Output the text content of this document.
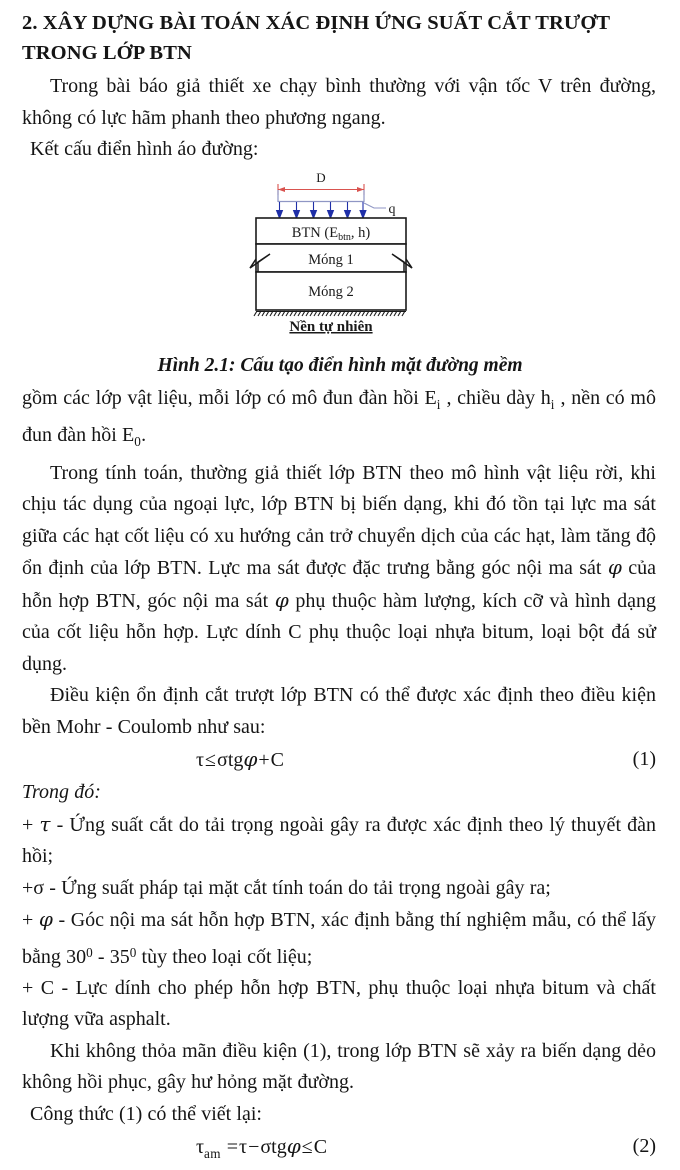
2. XÂY DỰNG BÀI TOÁN XÁC ĐỊNH ỨNG SUẤT CẮT TRƯỢT
TRONG LỚP BTN

Trong bài báo giả thiết xe chạy bình thường với vận tốc V trên đường, không có lực hãm phanh theo phương ngang.

Kết cấu điển hình áo đường:

D
q
BTN ($E_{btn}$, h)
Móng 1
Móng 2
Nền tự nhiên

Hình 2.1: Cấu tạo điển hình mặt đường mềm

gồm các lớp vật liệu, mỗi lớp có mô đun đàn hồi $E_i$ , chiều dày $h_i$ , nền có mô đun đàn hồi $E_0$.

Trong tính toán, thường giả thiết lớp BTN theo mô hình vật liệu rời, khi chịu tác dụng của ngoại lực, lớp BTN bị biến dạng, khi đó tồn tại lực ma sát giữa các hạt cốt liệu có xu hướng cản trở chuyển dịch của các hạt, làm tăng độ ổn định của lớp BTN. Lực ma sát được đặc trưng bằng góc nội ma sát φ của hỗn hợp BTN, góc nội ma sát φ phụ thuộc hàm lượng, kích cỡ và hình dạng của cốt liệu hỗn hợp. Lực dính C phụ thuộc loại nhựa bitum, loại bột đá sử dụng.

Điều kiện ổn định cắt trượt lớp BTN có thể được xác định theo điều kiện bền Mohr - Coulomb như sau:

τ≤σtgφ+C	(1)

Trong đó:

+ τ - Ứng suất cắt do tải trọng ngoài gây ra được xác định theo lý thuyết đàn hồi;

+σ - Ứng suất pháp tại mặt cắt tính toán do tải trọng ngoài gây ra;

+ φ - Góc nội ma sát hỗn hợp BTN, xác định bằng thí nghiệm mẫu, có thể lấy bằng $30^0 - 35^0$ tùy theo loại cốt liệu;

+ C - Lực dính cho phép hỗn hợp BTN, phụ thuộc loại nhựa bitum và chất lượng vữa asphalt.

Khi không thỏa mãn điều kiện (1), trong lớp BTN sẽ xảy ra biến dạng dẻo không hồi phục, gây hư hỏng mặt đường.

Công thức (1) có thể viết lại:

$\tau_{am} =\tau-\sigma tg\varphi\le C$	(2)
